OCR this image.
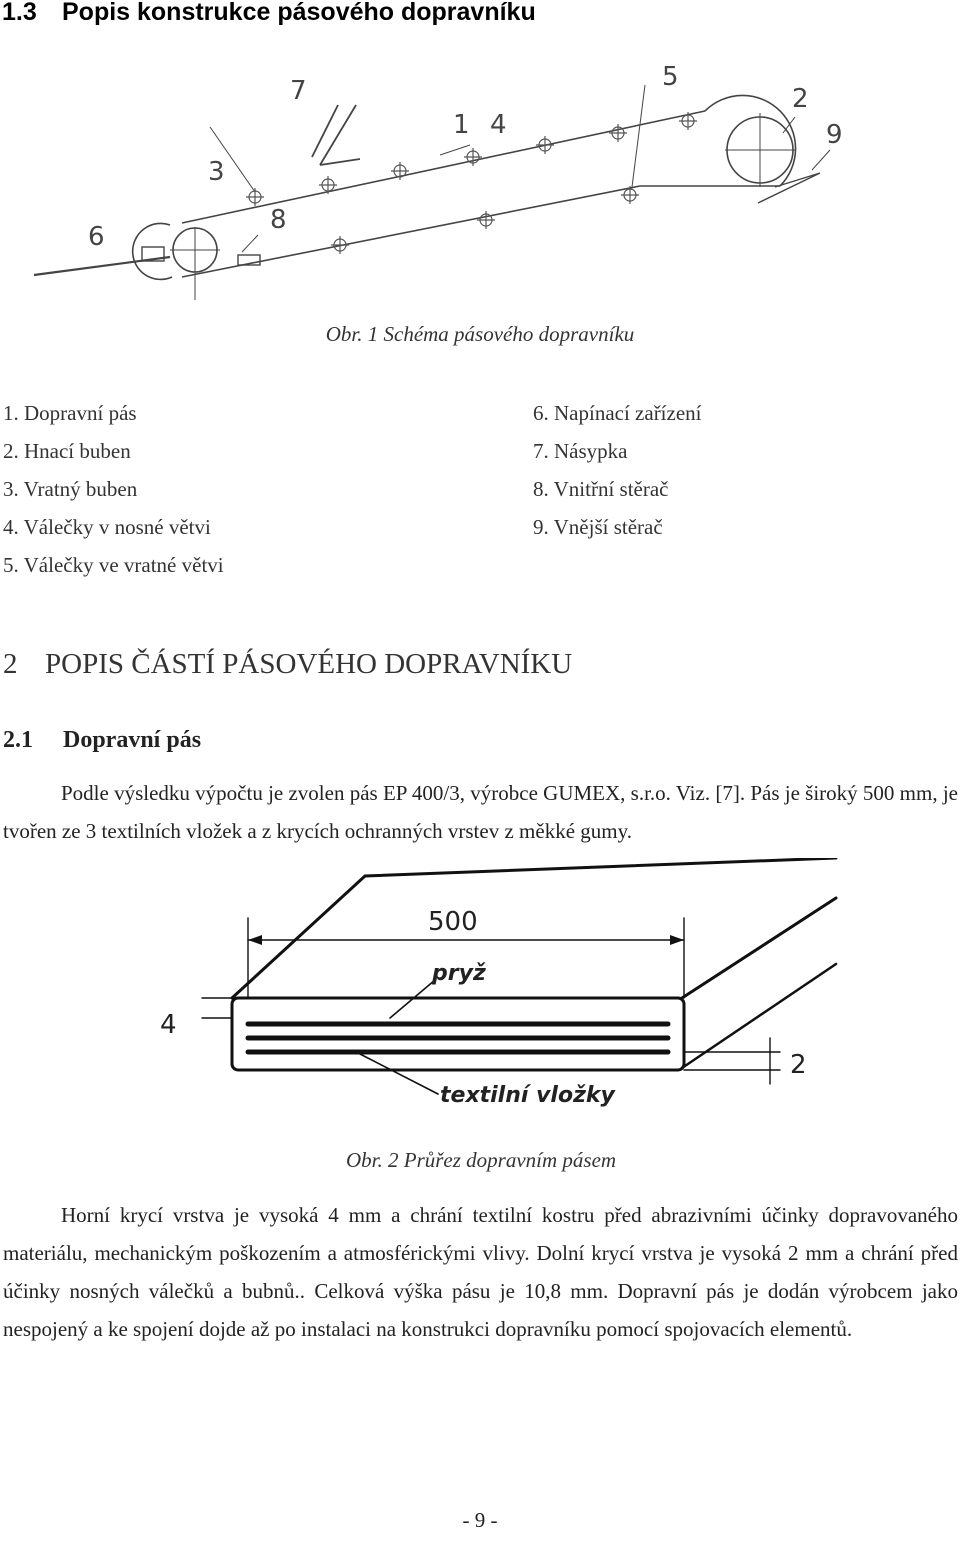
1.3 Popis konstrukce pásového dopravníku
7
3
8
6
1 4
5
2
9
Obr. 1 Schéma pásového dopravníku
1. Dopravní pás
2. Hnací buben
3. Vratný buben
4. Válečky v nosné větvi
5. Válečky ve vratné větvi
6. Napínací zařízení
7. Násypka
8. Vnitřní stěrač
9. Vnější stěrač
2 POPIS ČÁSTÍ PÁSOVÉHO DOPRAVNÍKU
2.1 Dopravní pás
Podle výsledku výpočtu je zvolen pás EP 400/3, výrobce GUMEX, s.r.o. Viz. [7]. Pás je široký 500 mm, je tvořen ze 3 textilních vložek a z krycích ochranných vrstev z měkké gumy.
500
pryž
4
2
textilní vložky
Obr. 2 Průřez dopravním pásem
Horní krycí vrstva je vysoká 4 mm a chrání textilní kostru před abrazivními účinky dopravovaného materiálu, mechanickým poškozením a atmosférickými vlivy. Dolní krycí vrstva je vysoká 2 mm a chrání před účinky nosných válečků a bubnů.. Celková výška pásu je 10,8 mm. Dopravní pás je dodán výrobcem jako nespojený a ke spojení dojde až po instalaci na konstrukci dopravníku pomocí spojovacích elementů.
- 9 -
